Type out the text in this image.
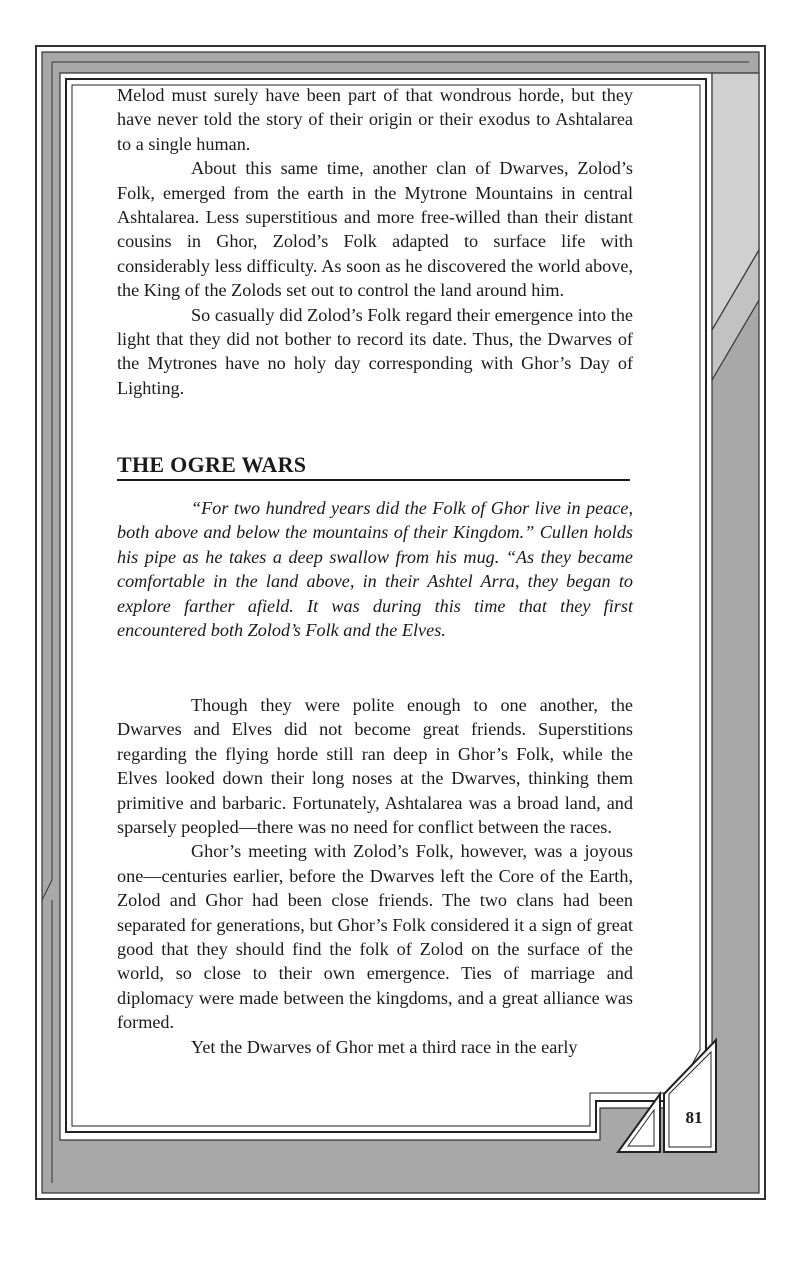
Melod must surely have been part of that wondrous horde, but they have never told the story of their origin or their exodus to Ashtalarea to a single human.

About this same time, another clan of Dwarves, Zolod’s Folk, emerged from the earth in the Mytrone Mountains in central Ashtalarea. Less superstitious and more free-willed than their distant cousins in Ghor, Zolod’s Folk adapted to surface life with considerably less difficulty. As soon as he discovered the world above, the King of the Zolods set out to control the land around him.

So casually did Zolod’s Folk regard their emergence into the light that they did not bother to record its date. Thus, the Dwarves of the Mytrones have no holy day corresponding with Ghor’s Day of Lighting.

THE OGRE WARS

“For two hundred years did the Folk of Ghor live in peace, both above and below the mountains of their Kingdom.” Cullen holds his pipe as he takes a deep swallow from his mug. “As they became comfortable in the land above, in their Ashtel Arra, they began to explore farther afield. It was during this time that they first encountered both Zolod’s Folk and the Elves.

Though they were polite enough to one another, the Dwarves and Elves did not become great friends. Superstitions regarding the flying horde still ran deep in Ghor’s Folk, while the Elves looked down their long noses at the Dwarves, thinking them primitive and barbaric. Fortunately, Ashtalarea was a broad land, and sparsely peopled—there was no need for conflict between the races.

Ghor’s meeting with Zolod’s Folk, however, was a joyous one—centuries earlier, before the Dwarves left the Core of the Earth, Zolod and Ghor had been close friends. The two clans had been separated for generations, but Ghor’s Folk considered it a sign of great good that they should find the folk of Zolod on the surface of the world, so close to their own emergence. Ties of marriage and diplomacy were made between the kingdoms, and a great alliance was formed.

Yet the Dwarves of Ghor met a third race in the early

81
